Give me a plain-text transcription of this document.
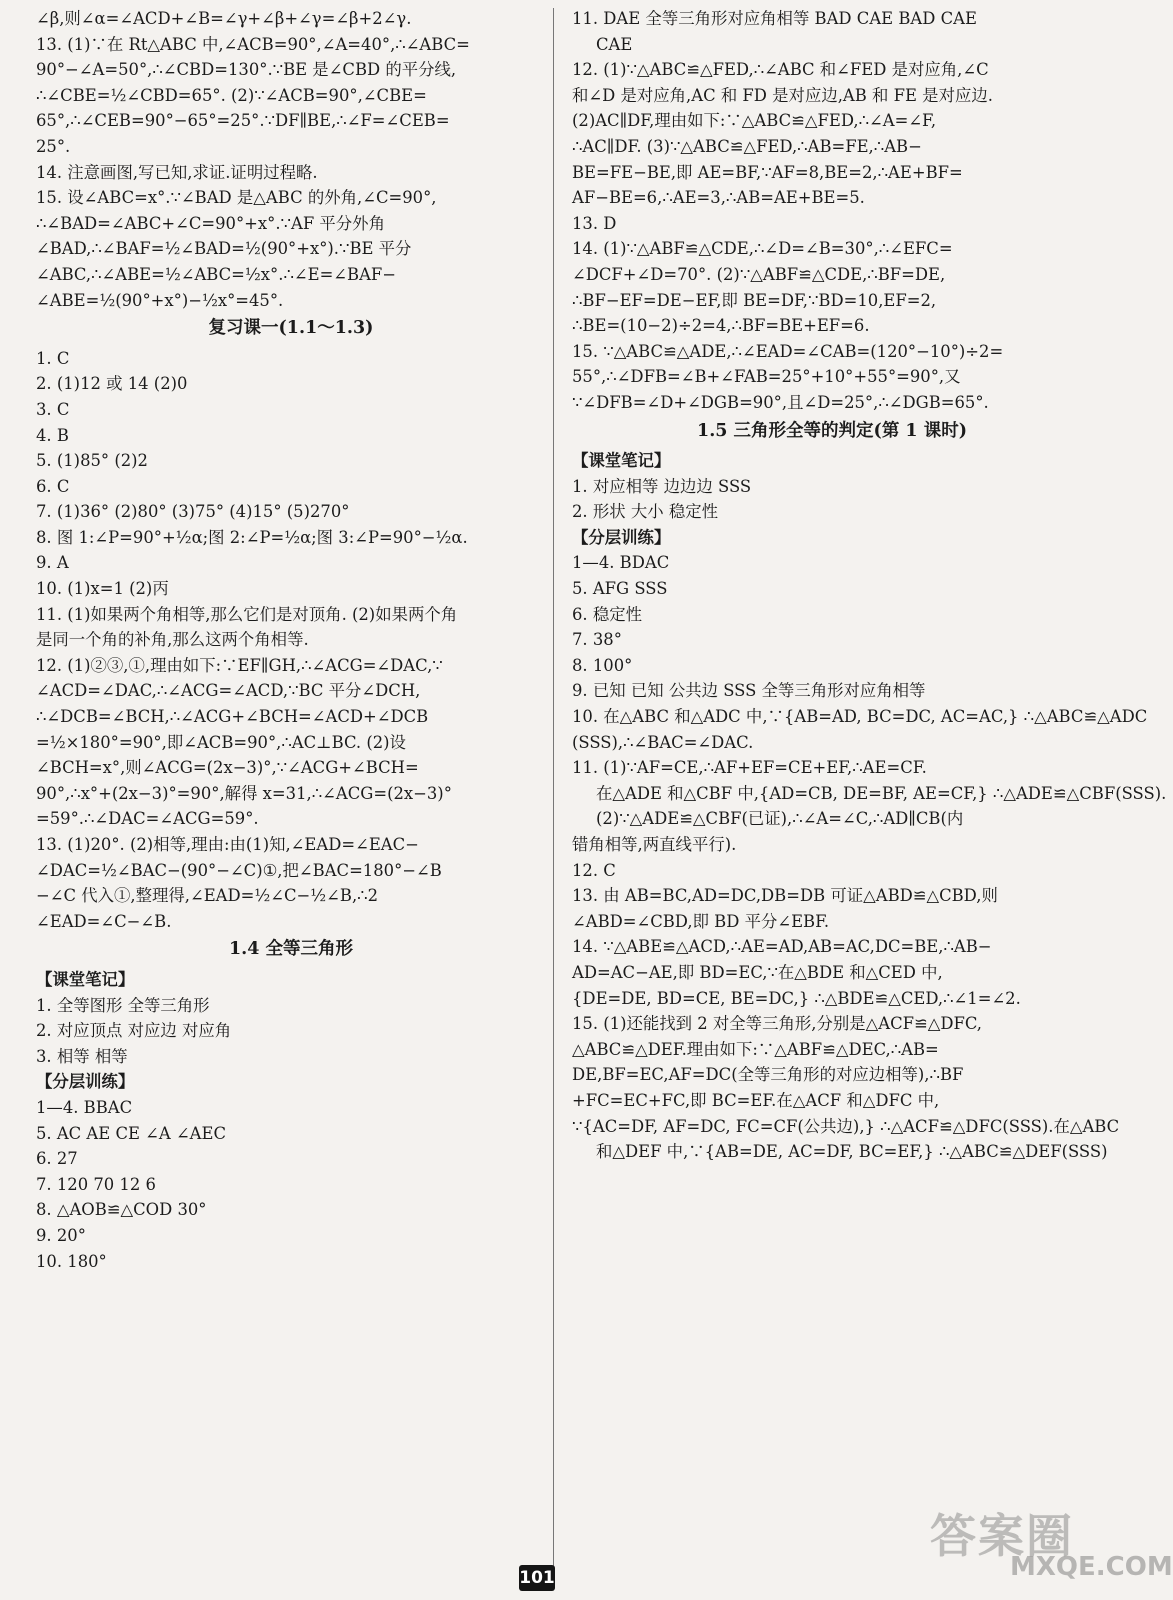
∠β,则∠α=∠ACD+∠B=∠γ+∠β+∠γ=∠β+2∠γ.
13. (1)∵在 Rt△ABC 中,∠ACB=90°,∠A=40°,∴∠ABC=
90°−∠A=50°,∴∠CBD=130°.∵BE 是∠CBD 的平分线,
∴∠CBE=½∠CBD=65°. (2)∵∠ACB=90°,∠CBE=
65°,∴∠CEB=90°−65°=25°.∵DF∥BE,∴∠F=∠CEB=
25°.
14. 注意画图,写已知,求证.证明过程略.
15. 设∠ABC=x°.∵∠BAD 是△ABC 的外角,∠C=90°,
∴∠BAD=∠ABC+∠C=90°+x°.∵AF 平分外角
∠BAD,∴∠BAF=½∠BAD=½(90°+x°).∵BE 平分
∠ABC,∴∠ABE=½∠ABC=½x°.∴∠E=∠BAF−
∠ABE=½(90°+x°)−½x°=45°.
复习课一(1.1～1.3)
1. C
2. (1)12 或 14 (2)0
3. C
4. B
5. (1)85° (2)2
6. C
7. (1)36° (2)80° (3)75° (4)15° (5)270°
8. 图 1:∠P=90°+½α;图 2:∠P=½α;图 3:∠P=90°−½α.
9. A
10. (1)x=1 (2)丙
11. (1)如果两个角相等,那么它们是对顶角. (2)如果两个角
是同一个角的补角,那么这两个角相等.
12. (1)②③,①,理由如下:∵EF∥GH,∴∠ACG=∠DAC,∵
∠ACD=∠DAC,∴∠ACG=∠ACD,∵BC 平分∠DCH,
∴∠DCB=∠BCH,∴∠ACG+∠BCH=∠ACD+∠DCB
=½×180°=90°,即∠ACB=90°,∴AC⊥BC. (2)设
∠BCH=x°,则∠ACG=(2x−3)°,∵∠ACG+∠BCH=
90°,∴x°+(2x−3)°=90°,解得 x=31,∴∠ACG=(2x−3)°
=59°.∴∠DAC=∠ACG=59°.
13. (1)20°. (2)相等,理由:由(1)知,∠EAD=∠EAC−
∠DAC=½∠BAC−(90°−∠C)①,把∠BAC=180°−∠B
−∠C 代入①,整理得,∠EAD=½∠C−½∠B,∴2
∠EAD=∠C−∠B.
1.4 全等三角形
【课堂笔记】
1. 全等图形 全等三角形
2. 对应顶点 对应边 对应角
3. 相等 相等
【分层训练】
1—4. BBAC
5. AC AE CE ∠A ∠AEC
6. 27
7. 120 70 12 6
8. △AOB≌△COD 30°
9. 20°
10. 180°
11. DAE 全等三角形对应角相等 BAD CAE BAD CAE
CAE
12. (1)∵△ABC≌△FED,∴∠ABC 和∠FED 是对应角,∠C
和∠D 是对应角,AC 和 FD 是对应边,AB 和 FE 是对应边.
(2)AC∥DF,理由如下:∵△ABC≌△FED,∴∠A=∠F,
∴AC∥DF. (3)∵△ABC≌△FED,∴AB=FE,∴AB−
BE=FE−BE,即 AE=BF,∵AF=8,BE=2,∴AE+BF=
AF−BE=6,∴AE=3,∴AB=AE+BE=5.
13. D
14. (1)∵△ABF≌△CDE,∴∠D=∠B=30°,∴∠EFC=
∠DCF+∠D=70°. (2)∵△ABF≌△CDE,∴BF=DE,
∴BF−EF=DE−EF,即 BE=DF,∵BD=10,EF=2,
∴BE=(10−2)÷2=4,∴BF=BE+EF=6.
15. ∵△ABC≌△ADE,∴∠EAD=∠CAB=(120°−10°)÷2=
55°,∴∠DFB=∠B+∠FAB=25°+10°+55°=90°,又
∵∠DFB=∠D+∠DGB=90°,且∠D=25°,∴∠DGB=65°.
1.5 三角形全等的判定(第 1 课时)
【课堂笔记】
1. 对应相等 边边边 SSS
2. 形状 大小 稳定性
【分层训练】
1—4. BDAC
5. AFG SSS
6. 稳定性
7. 38°
8. 100°
9. 已知 已知 公共边 SSS 全等三角形对应角相等
10. 在△ABC 和△ADC 中,∵{AB=AD, BC=DC, AC=AC,} ∴△ABC≌△ADC
(SSS),∴∠BAC=∠DAC.
11. (1)∵AF=CE,∴AF+EF=CE+EF,∴AE=CF.
在△ADE 和△CBF 中,{AD=CB, DE=BF, AE=CF,} ∴△ADE≌△CBF(SSS).
(2)∵△ADE≌△CBF(已证),∴∠A=∠C,∴AD∥CB(内
错角相等,两直线平行).
12. C
13. 由 AB=BC,AD=DC,DB=DB 可证△ABD≌△CBD,则
∠ABD=∠CBD,即 BD 平分∠EBF.
14. ∵△ABE≌△ACD,∴AE=AD,AB=AC,DC=BE,∴AB−
AD=AC−AE,即 BD=EC,∵在△BDE 和△CED 中,
{DE=DE, BD=CE, BE=DC,} ∴△BDE≌△CED,∴∠1=∠2.
15. (1)还能找到 2 对全等三角形,分别是△ACF≌△DFC,
△ABC≌△DEF.理由如下:∵△ABF≌△DEC,∴AB=
DE,BF=EC,AF=DC(全等三角形的对应边相等),∴BF
+FC=EC+FC,即 BC=EF.在△ACF 和△DFC 中,
∵{AC=DF, AF=DC, FC=CF(公共边),} ∴△ACF≌△DFC(SSS).在△ABC
和△DEF 中,∵{AB=DE, AC=DF, BC=EF,} ∴△ABC≌△DEF(SSS)
101
答案圈
MXQE.COM
